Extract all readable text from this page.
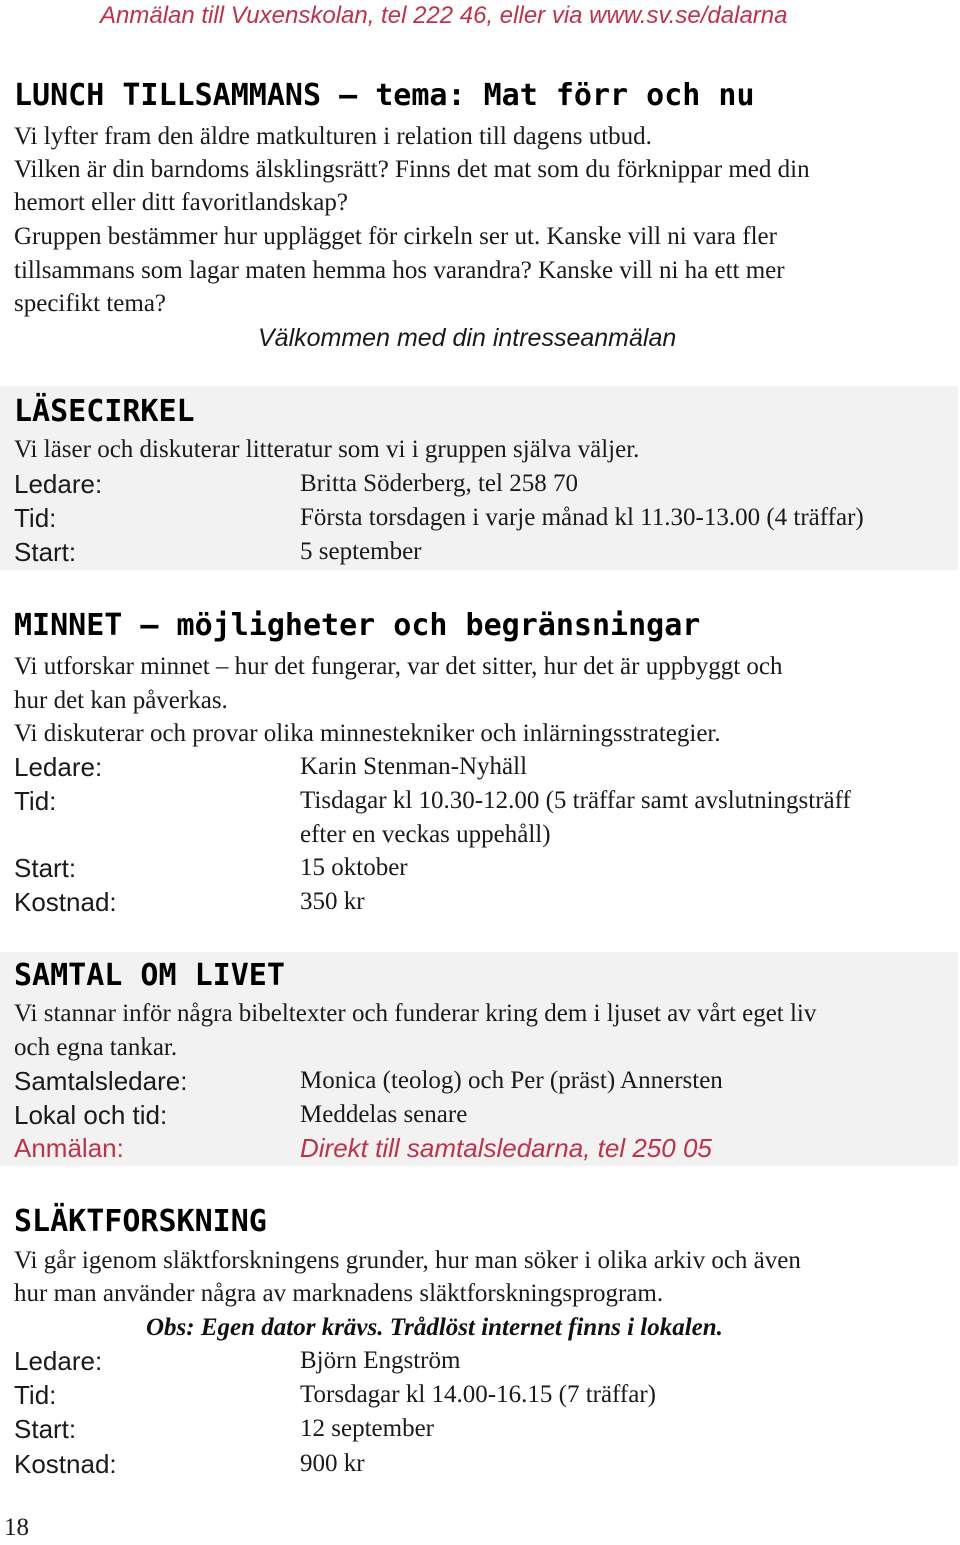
Anmälan till Vuxenskolan, tel 222 46, eller via www.sv.se/dalarna
LUNCH TILLSAMMANS – tema: Mat förr och nu
Vi lyfter fram den äldre matkulturen i relation till dagens utbud.
Vilken är din barndoms älsklingsrätt? Finns det mat som du förknippar med din
hemort eller ditt favoritlandskap?
Gruppen bestämmer hur upplägget för cirkeln ser ut. Kanske vill ni vara fler
tillsammans som lagar maten hemma hos varandra? Kanske vill ni ha ett mer
specifikt tema?
Välkommen med din intresseanmälan
LÄSECIRKEL
Vi läser och diskuterar litteratur som vi i gruppen själva väljer.
Ledare:	Britta Söderberg, tel 258 70
Tid:	Första torsdagen i varje månad kl 11.30-13.00 (4 träffar)
Start:	5 september
MINNET – möjligheter och begränsningar
Vi utforskar minnet – hur det fungerar, var det sitter, hur det är uppbyggt och
hur det kan påverkas.
Vi diskuterar och provar olika minnestekniker och inlärningsstrategier.
Ledare:	Karin Stenman-Nyhäll
Tid:	Tisdagar kl 10.30-12.00 (5 träffar samt avslutningsträff
efter en veckas uppehåll)
Start:	15 oktober
Kostnad:	350 kr
SAMTAL OM LIVET
Vi stannar inför några bibeltexter och funderar kring dem i ljuset av vårt eget liv
och egna tankar.
Samtalsledare:	Monica (teolog) och Per (präst) Annersten
Lokal och tid:	Meddelas senare
Anmälan:	Direkt till samtalsledarna, tel 250 05
SLÄKTFORSKNING
Vi går igenom släktforskningens grunder, hur man söker i olika arkiv och även
hur man använder några av marknadens släktforskningsprogram.
Obs: Egen dator krävs. Trådlöst internet finns i lokalen.
Ledare:	Björn Engström
Tid:	Torsdagar kl 14.00-16.15 (7 träffar)
Start:	12 september
Kostnad:	900 kr
18
